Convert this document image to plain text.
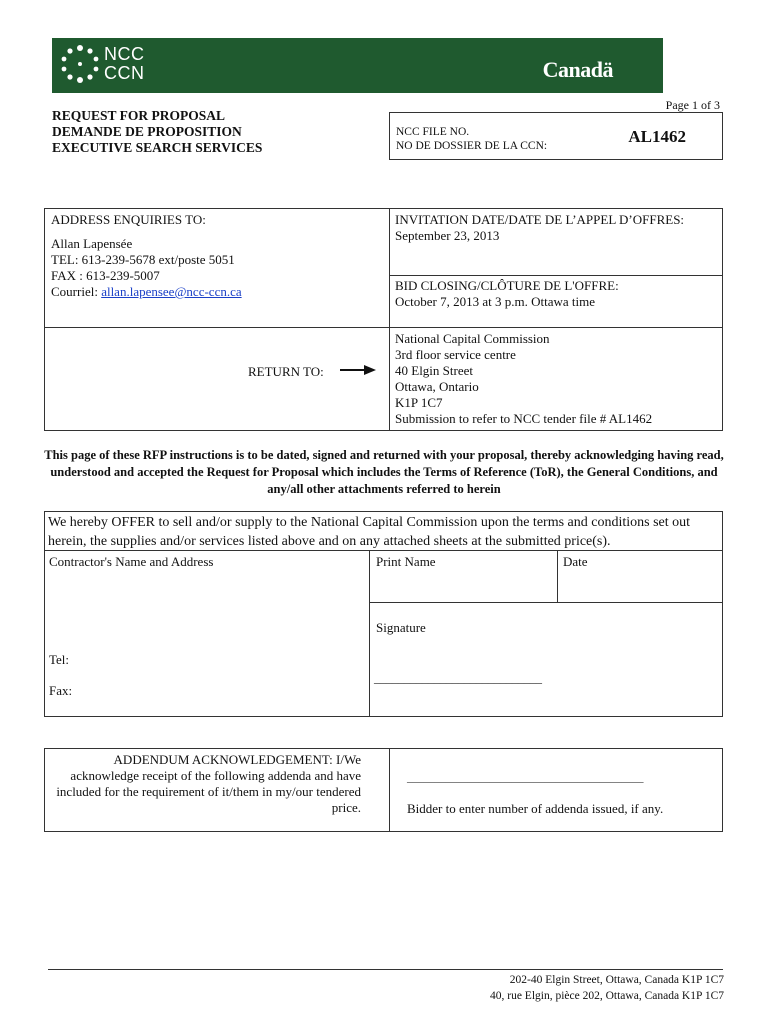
NCC
CCN	Canadä
Page 1 of 3
REQUEST FOR PROPOSAL
DEMANDE DE PROPOSITION
EXECUTIVE SEARCH SERVICES
NCC FILE NO.
NO DE DOSSIER DE LA CCN:	AL1462
ADDRESS ENQUIRIES TO:
Allan Lapensée
TEL: 613-239-5678 ext/poste 5051
FAX : 613-239-5007
Courriel: allan.lapensee@ncc-ccn.ca
INVITATION DATE/DATE DE L’APPEL D’OFFRES:
September 23, 2013
BID CLOSING/CLÔTURE DE L'OFFRE:
October 7, 2013 at 3 p.m. Ottawa time
RETURN TO:
National Capital Commission
3rd floor service centre
40 Elgin Street
Ottawa, Ontario
K1P 1C7
Submission to refer to NCC tender file # AL1462
This page of these RFP instructions is to be dated, signed and returned with your proposal, thereby acknowledging having read, understood and accepted the Request for Proposal which includes the Terms of Reference (ToR), the General Conditions, and any/all other attachments referred to herein
We hereby OFFER to sell and/or supply to the National Capital Commission upon the terms and conditions set out herein, the supplies and/or services listed above and on any attached sheets at the submitted price(s).
Contractor's Name and Address
Tel:
Fax:
Print Name	Date
Signature
____________________________
ADDENDUM ACKNOWLEDGEMENT: I/We acknowledge receipt of the following addenda and have included for the requirement of it/them in my/our tendered price.
___________________________________________
Bidder to enter number of addenda issued, if any.
202-40 Elgin Street, Ottawa, Canada K1P 1C7
40, rue Elgin, pièce 202, Ottawa, Canada K1P 1C7
